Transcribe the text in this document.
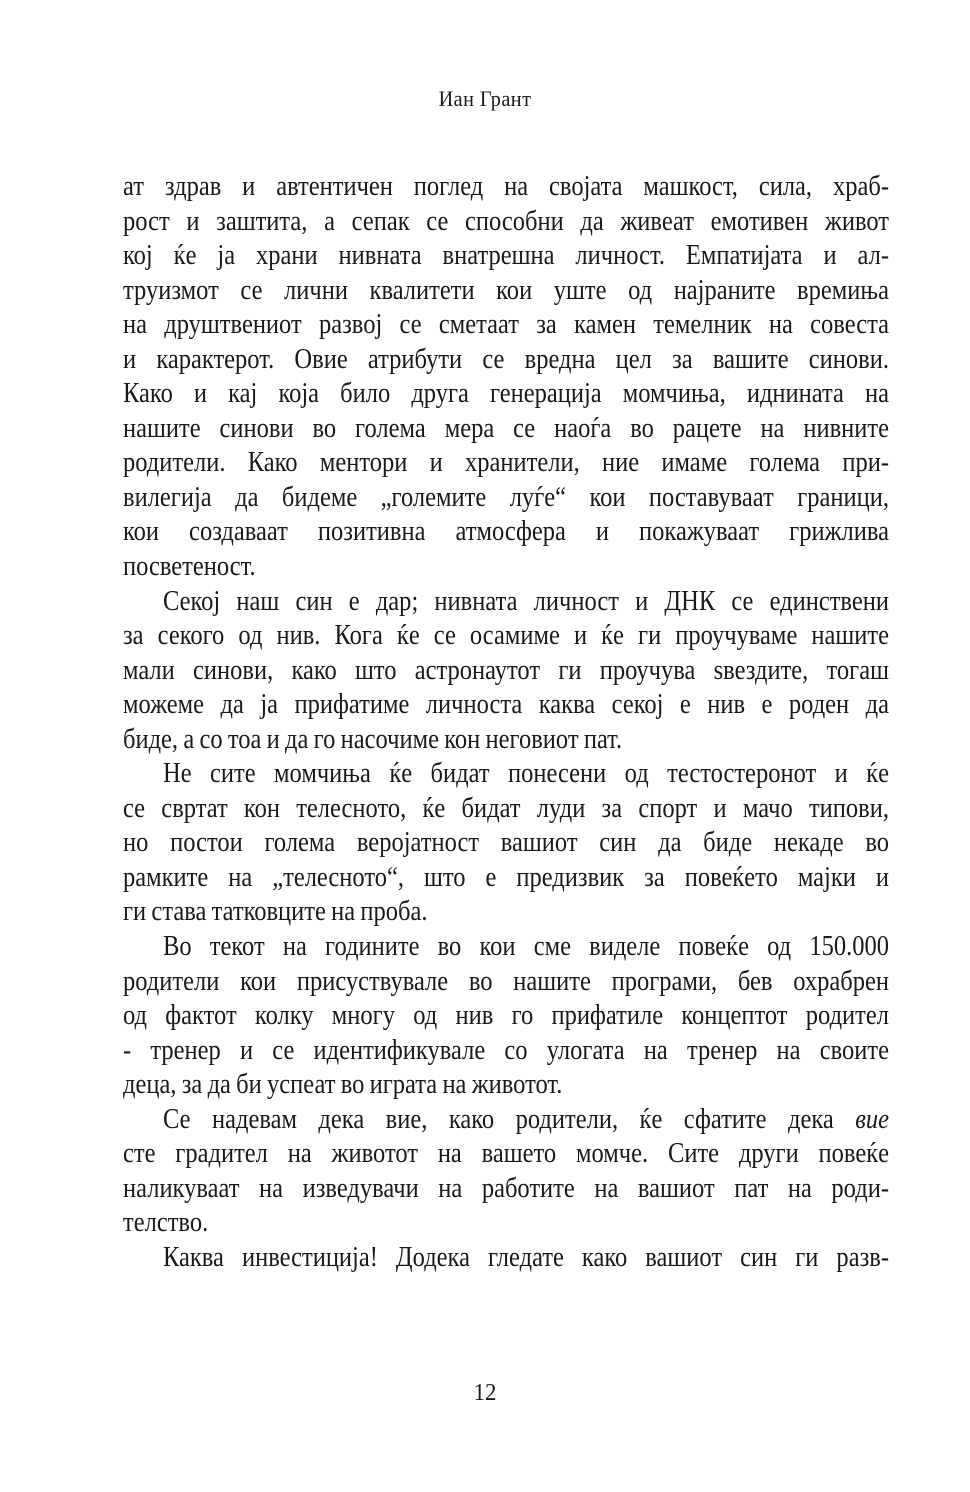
Иан Грант
ат здрав и автентичен поглед на својата машкост, сила, храб-
рост и заштита, а сепак се способни да живеат емотивен живот
кој ќе ја храни нивната внатрешна личност. Емпатијата и ал-
труизмот се лични квалитети кои уште од најраните времиња
на друштвениот развој се сметаат за камен темелник на совеста
и карактерот. Овие атрибути се вредна цел за вашите синови.
Како и кај која било друга генерација момчиња, иднината на
нашите синови во голема мера се наоѓа во рацете на нивните
родители. Како ментори и хранители, ние имаме голема при-
вилегија да бидеме „големите луѓе“ кои поставуваат граници,
кои создаваат позитивна атмосфера и покажуваат грижлива
посветеност.
Секој наш син е дар; нивната личност и ДНК се единствени
за секого од нив. Кога ќе се осамиме и ќе ги проучуваме нашите
мали синови, како што астронаутот ги проучува ѕвездите, тогаш
можеме да ја прифатиме личноста каква секој е нив е роден да
биде, а со тоа и да го насочиме кон неговиот пат.
Не сите момчиња ќе бидат понесени од тестостеронот и ќе
се свртат кон телесното, ќе бидат луди за спорт и мачо типови,
но постои голема веројатност вашиот син да биде некаде во
рамките на „телесното“, што е предизвик за повеќето мајки и
ги става татковците на проба.
Во текот на годините во кои сме виделе повеќе од 150.000
родители кои присуствувале во нашите програми, бев охрабрен
од фактот колку многу од нив го прифатиле концептот родител
- тренер и се идентификувале со улогата на тренер на своите
деца, за да би успеат во играта на животот.
Се надевам дека вие, како родители, ќе сфатите дека вие
сте градител на животот на вашето момче. Сите други повеќе
наликуваат на изведувачи на работите на вашиот пат на роди-
телство.
Каква инвестиција! Додека гледате како вашиот син ги разв-
12
